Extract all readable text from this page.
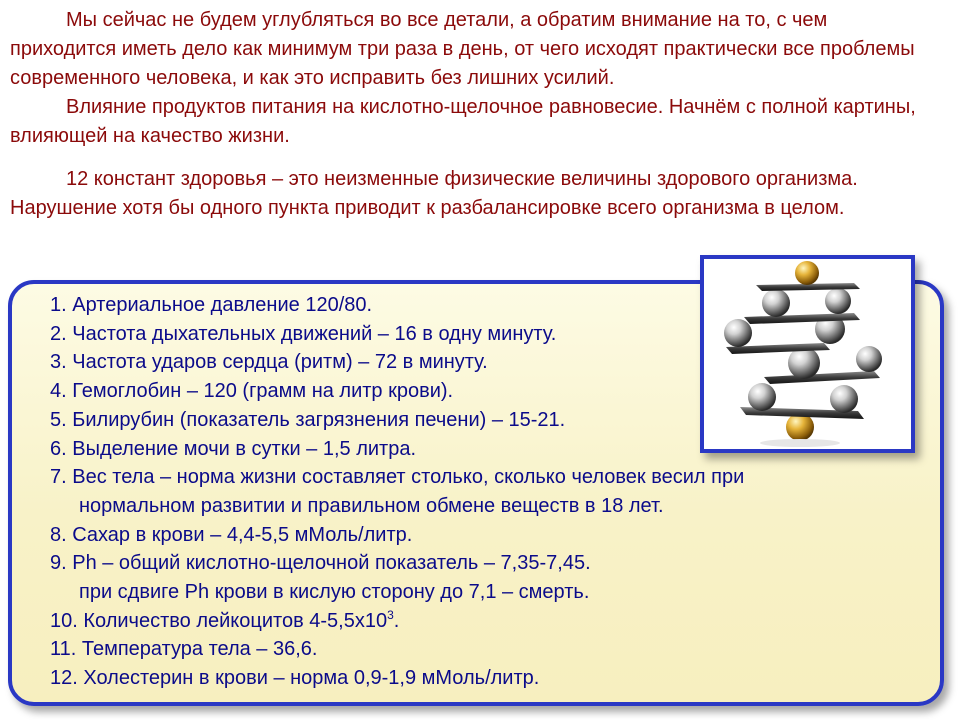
Мы сейчас не будем углубляться во все детали, а обратим внимание на то, с чем приходится иметь дело как минимум три раза в день, от чего исходят практически все проблемы современного человека, и как это исправить без лишних усилий.

Влияние продуктов питания на кислотно-щелочное равновесие. Начнём с полной картины, влияющей на качество жизни.

12 констант здоровья – это неизменные физические величины здорового организма. Нарушение хотя бы одного пункта приводит к разбалансировке всего организма в целом.

1. Артериальное давление 120/80.
2. Частота дыхательных движений – 16 в одну минуту.
3. Частота ударов сердца (ритм) – 72 в минуту.
4. Гемоглобин – 120 (грамм на литр крови).
5. Билирубин (показатель загрязнения печени) – 15-21.
6. Выделение мочи в сутки – 1,5 литра.
7. Вес тела – норма жизни составляет столько, сколько человек весил при
нормальном развитии и правильном обмене веществ в 18 лет.
8. Сахар в крови – 4,4-5,5 мМоль/литр.
9. Ph – общий кислотно-щелочной показатель – 7,35-7,45.
при сдвиге Ph крови в кислую сторону до 7,1 – смерть.
10. Количество лейкоцитов $4-5,5х10^3$.
11. Температура тела – 36,6.
12. Холестерин в крови – норма 0,9-1,9 мМоль/литр.
